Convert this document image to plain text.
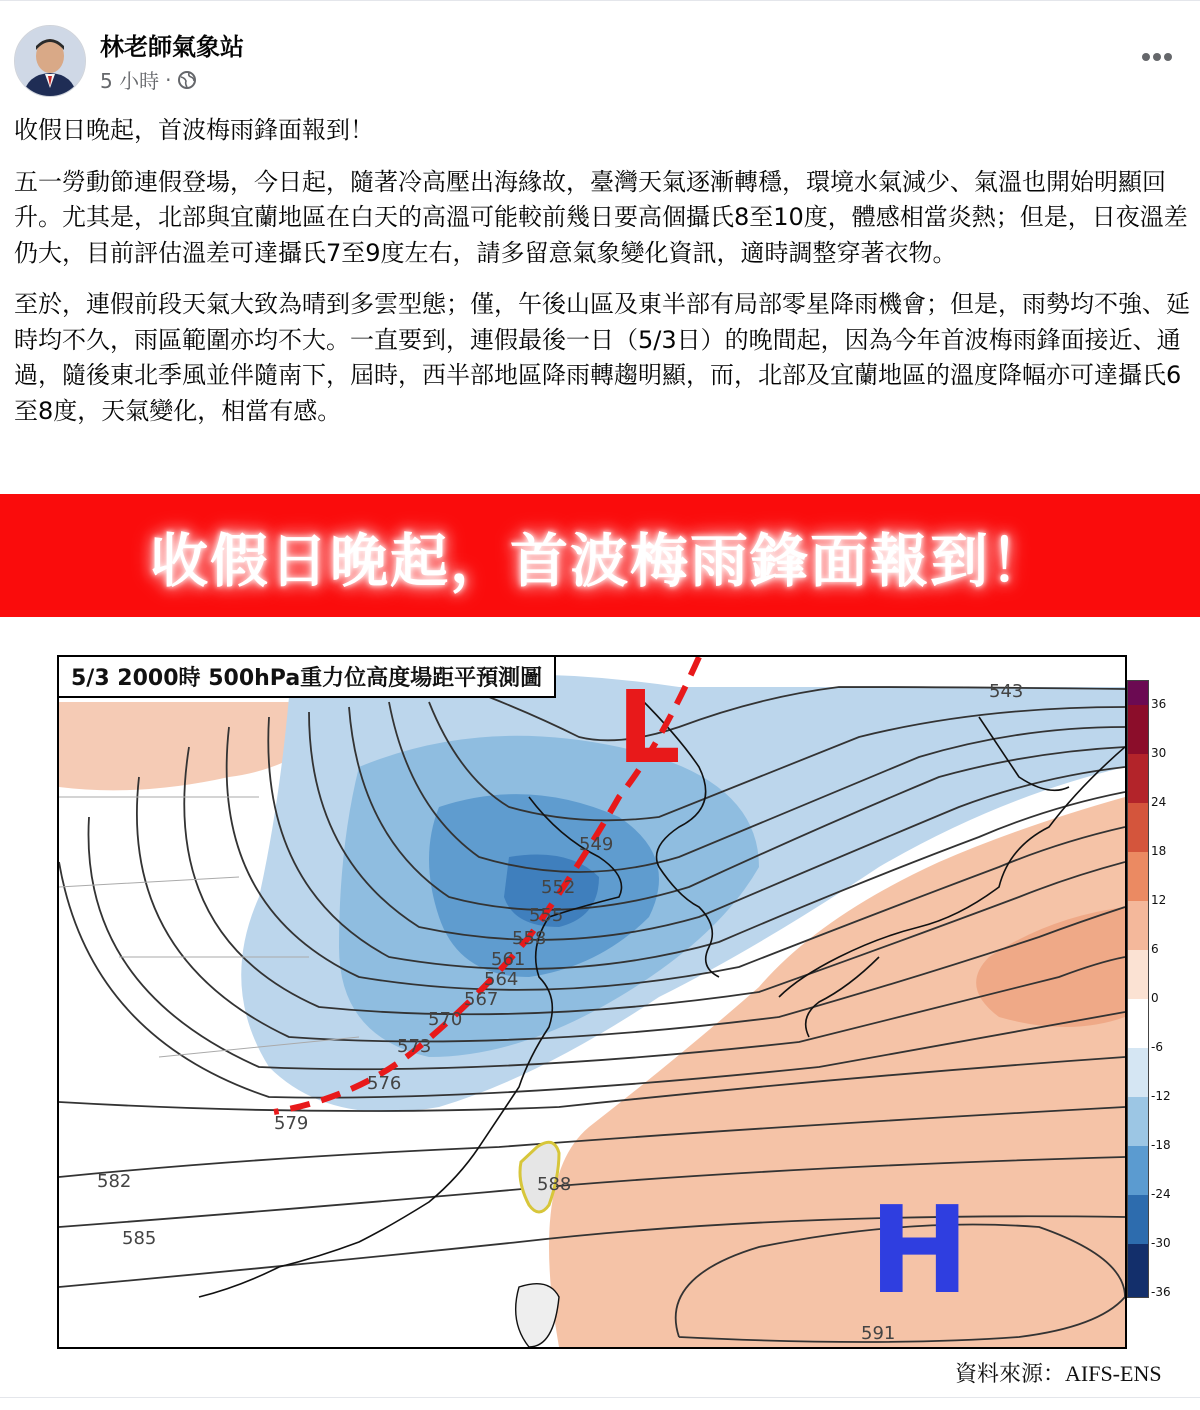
林老師氣象站
5 小時 ·

收假日晚起，首波梅雨鋒面報到！

五一勞動節連假登場，今日起，隨著冷高壓出海緣故，臺灣天氣逐漸轉穩，環境水氣減少、氣溫也開始明顯回升。尤其是，北部與宜蘭地區在白天的高溫可能較前幾日要高個攝氏8至10度，體感相當炎熱；但是，日夜溫差仍大，目前評估溫差可達攝氏7至9度左右，請多留意氣象變化資訊，適時調整穿著衣物。

至於，連假前段天氣大致為晴到多雲型態；僅，午後山區及東半部有局部零星降雨機會；但是，雨勢均不強、延時均不久，雨區範圍亦均不大。一直要到，連假最後一日（5/3日）的晚間起，因為今年首波梅雨鋒面接近、通過，隨後東北季風並伴隨南下，屆時，西半部地區降雨轉趨明顯，而，北部及宜蘭地區的溫度降幅亦可達攝氏6至8度，天氣變化，相當有感。

收假日晚起，首波梅雨鋒面報到！
L
H
543
549
552
555
558
561
564
567
570
573
576
579
582
585
588
591
5/3 2000時 500hPa重力位高度場距平預測圖
36
30
24
18
12
6
0
-6
-12
-18
-24
-30
-36
資料來源：AIFS-ENS
